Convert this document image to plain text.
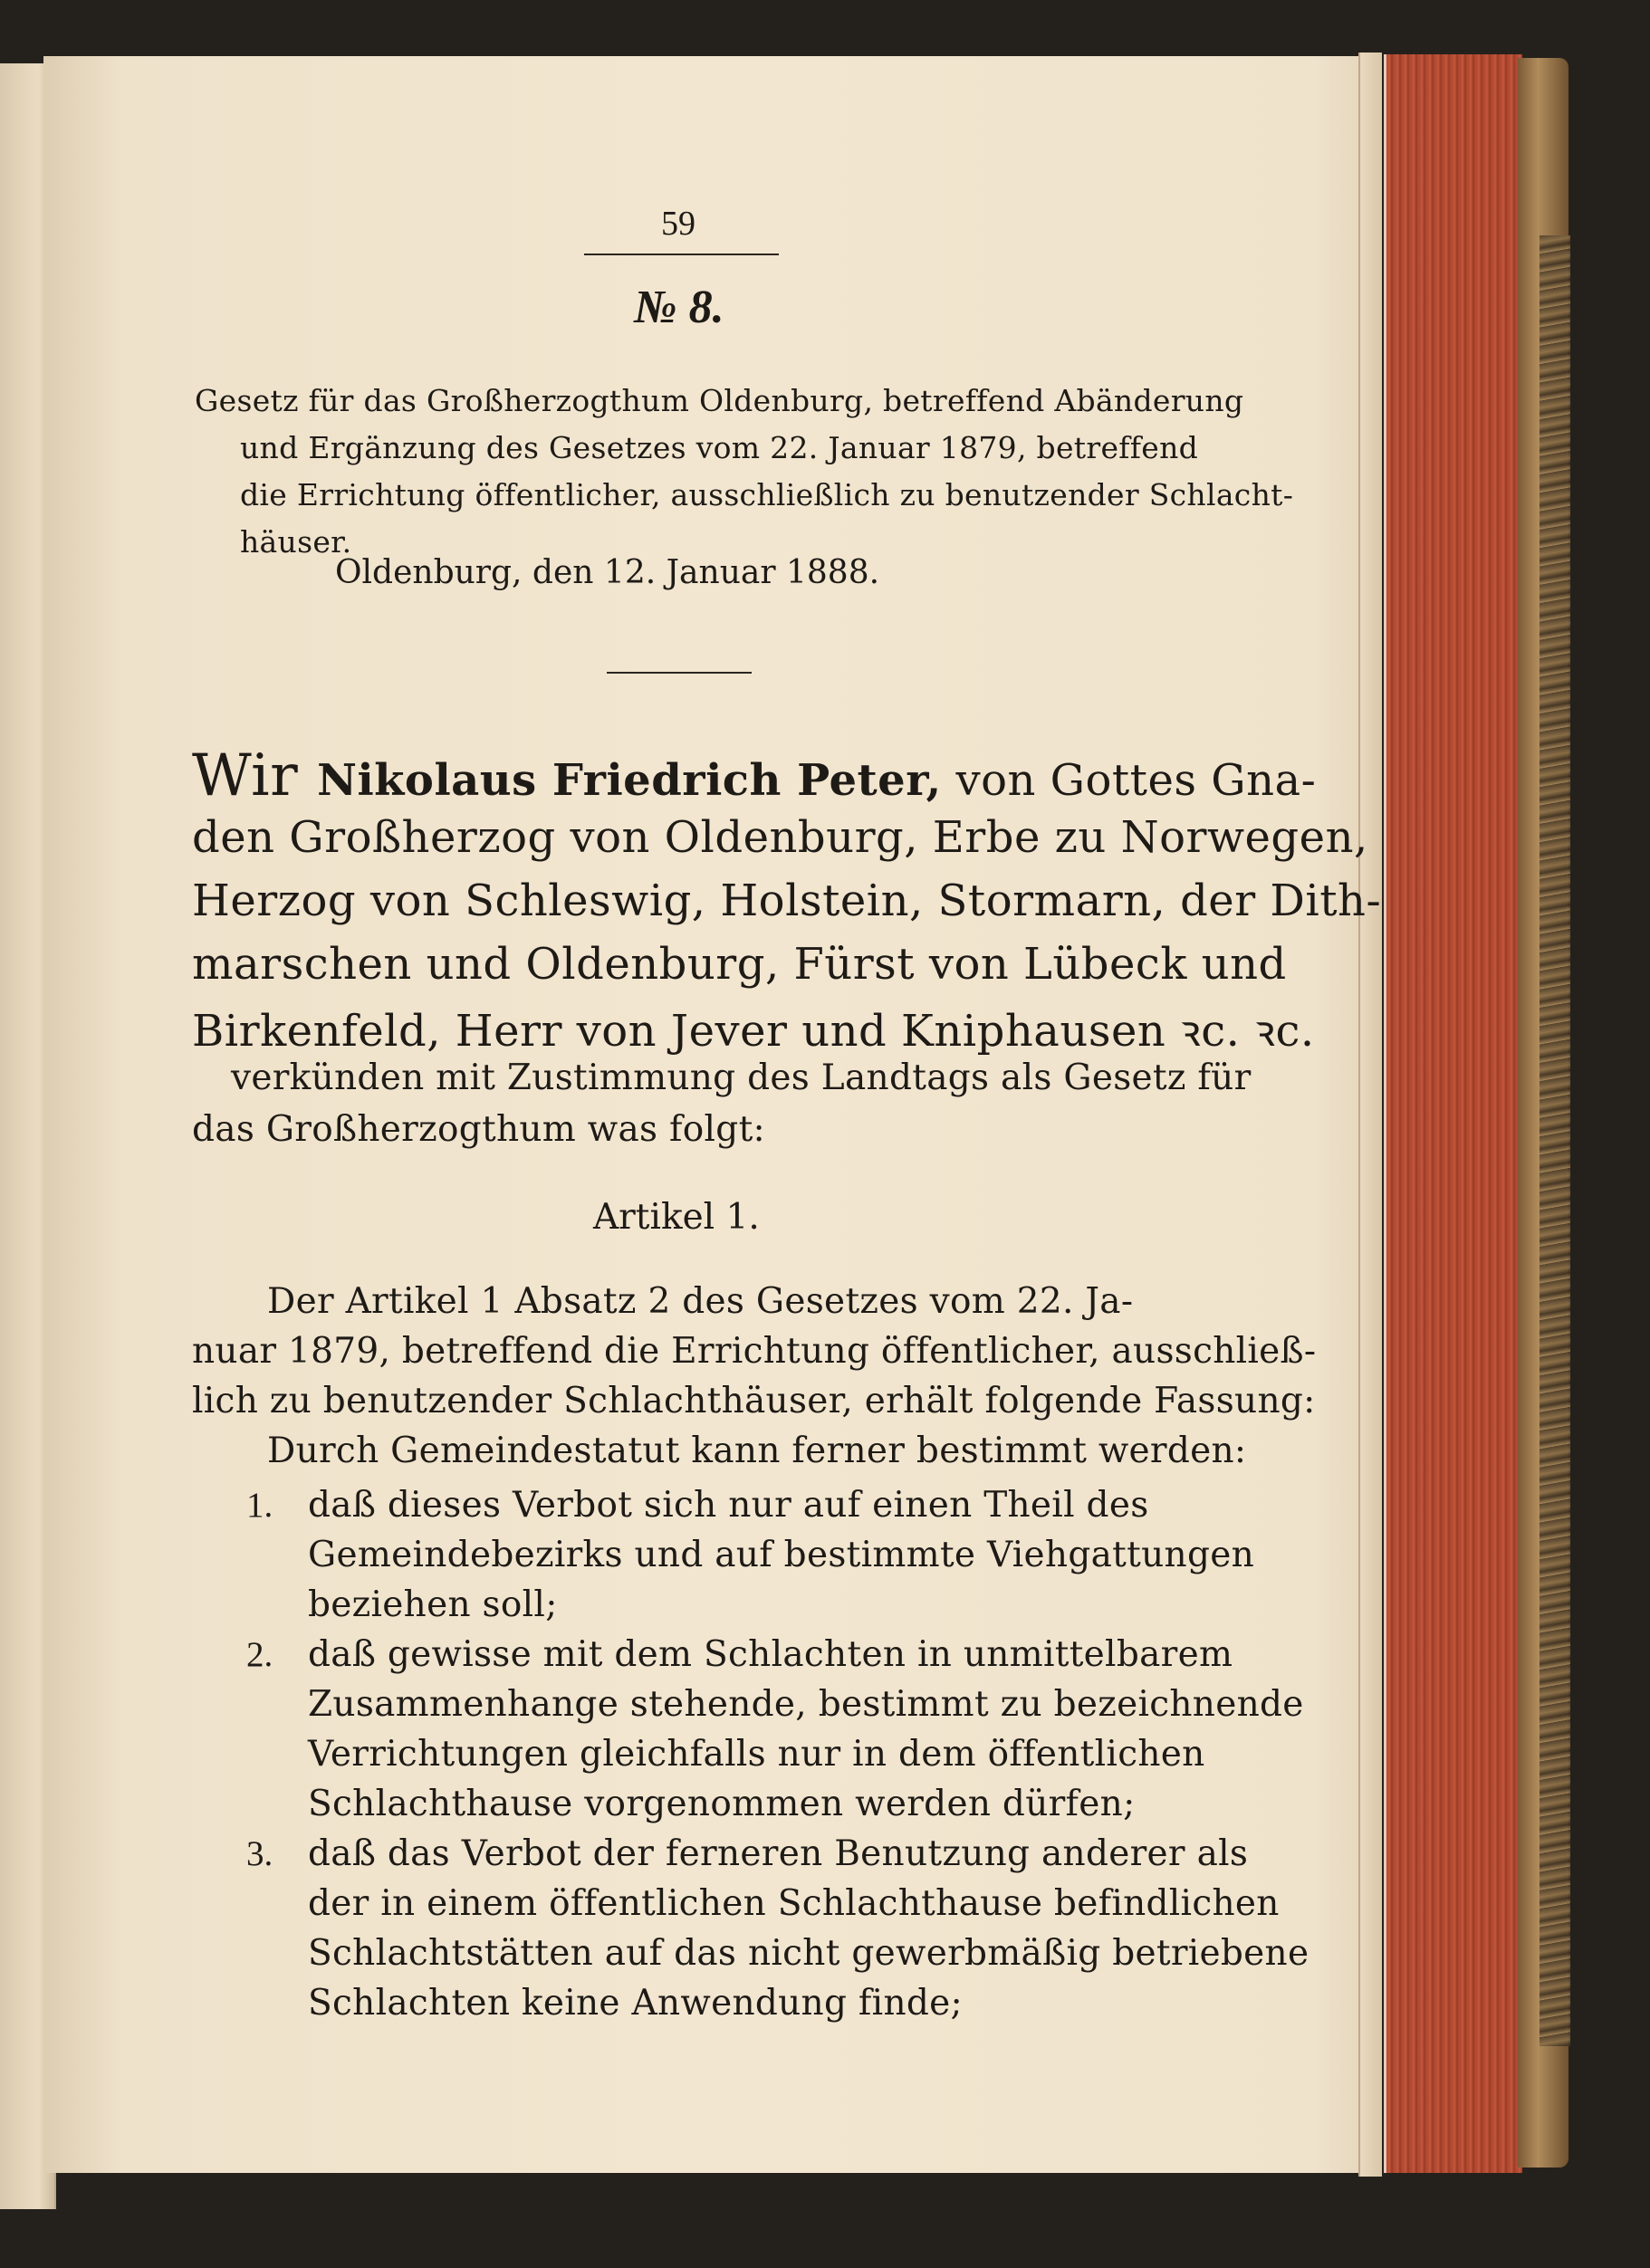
59
№ 8.
Gesetz für das Großherzogthum Oldenburg, betreffend Abänderung
und Ergänzung des Gesetzes vom 22. Januar 1879, betreffend
die Errichtung öffentlicher, ausschließlich zu benutzender Schlacht-
häuser.
Oldenburg, den 12. Januar 1888.
Wir Nikolaus Friedrich Peter, von Gottes Gna-
den Großherzog von Oldenburg, Erbe zu Norwegen,
Herzog von Schleswig, Holstein, Stormarn, der Dith-
marschen und Oldenburg, Fürst von Lübeck und
Birkenfeld, Herr von Jever und Kniphausen ꝛc. ꝛc.
verkünden mit Zustimmung des Landtags als Gesetz für
das Großherzogthum was folgt:
Artikel 1.
Der Artikel 1 Absatz 2 des Gesetzes vom 22. Ja-
nuar 1879, betreffend die Errichtung öffentlicher, ausschließ-
lich zu benutzender Schlachthäuser, erhält folgende Fassung:
Durch Gemeindestatut kann ferner bestimmt werden:
1. daß dieses Verbot sich nur auf einen Theil des
Gemeindebezirks und auf bestimmte Viehgattungen
beziehen soll;
2. daß gewisse mit dem Schlachten in unmittelbarem
Zusammenhange stehende, bestimmt zu bezeichnende
Verrichtungen gleichfalls nur in dem öffentlichen
Schlachthause vorgenommen werden dürfen;
3. daß das Verbot der ferneren Benutzung anderer als
der in einem öffentlichen Schlachthause befindlichen
Schlachtstätten auf das nicht gewerbmäßig betriebene
Schlachten keine Anwendung finde;
